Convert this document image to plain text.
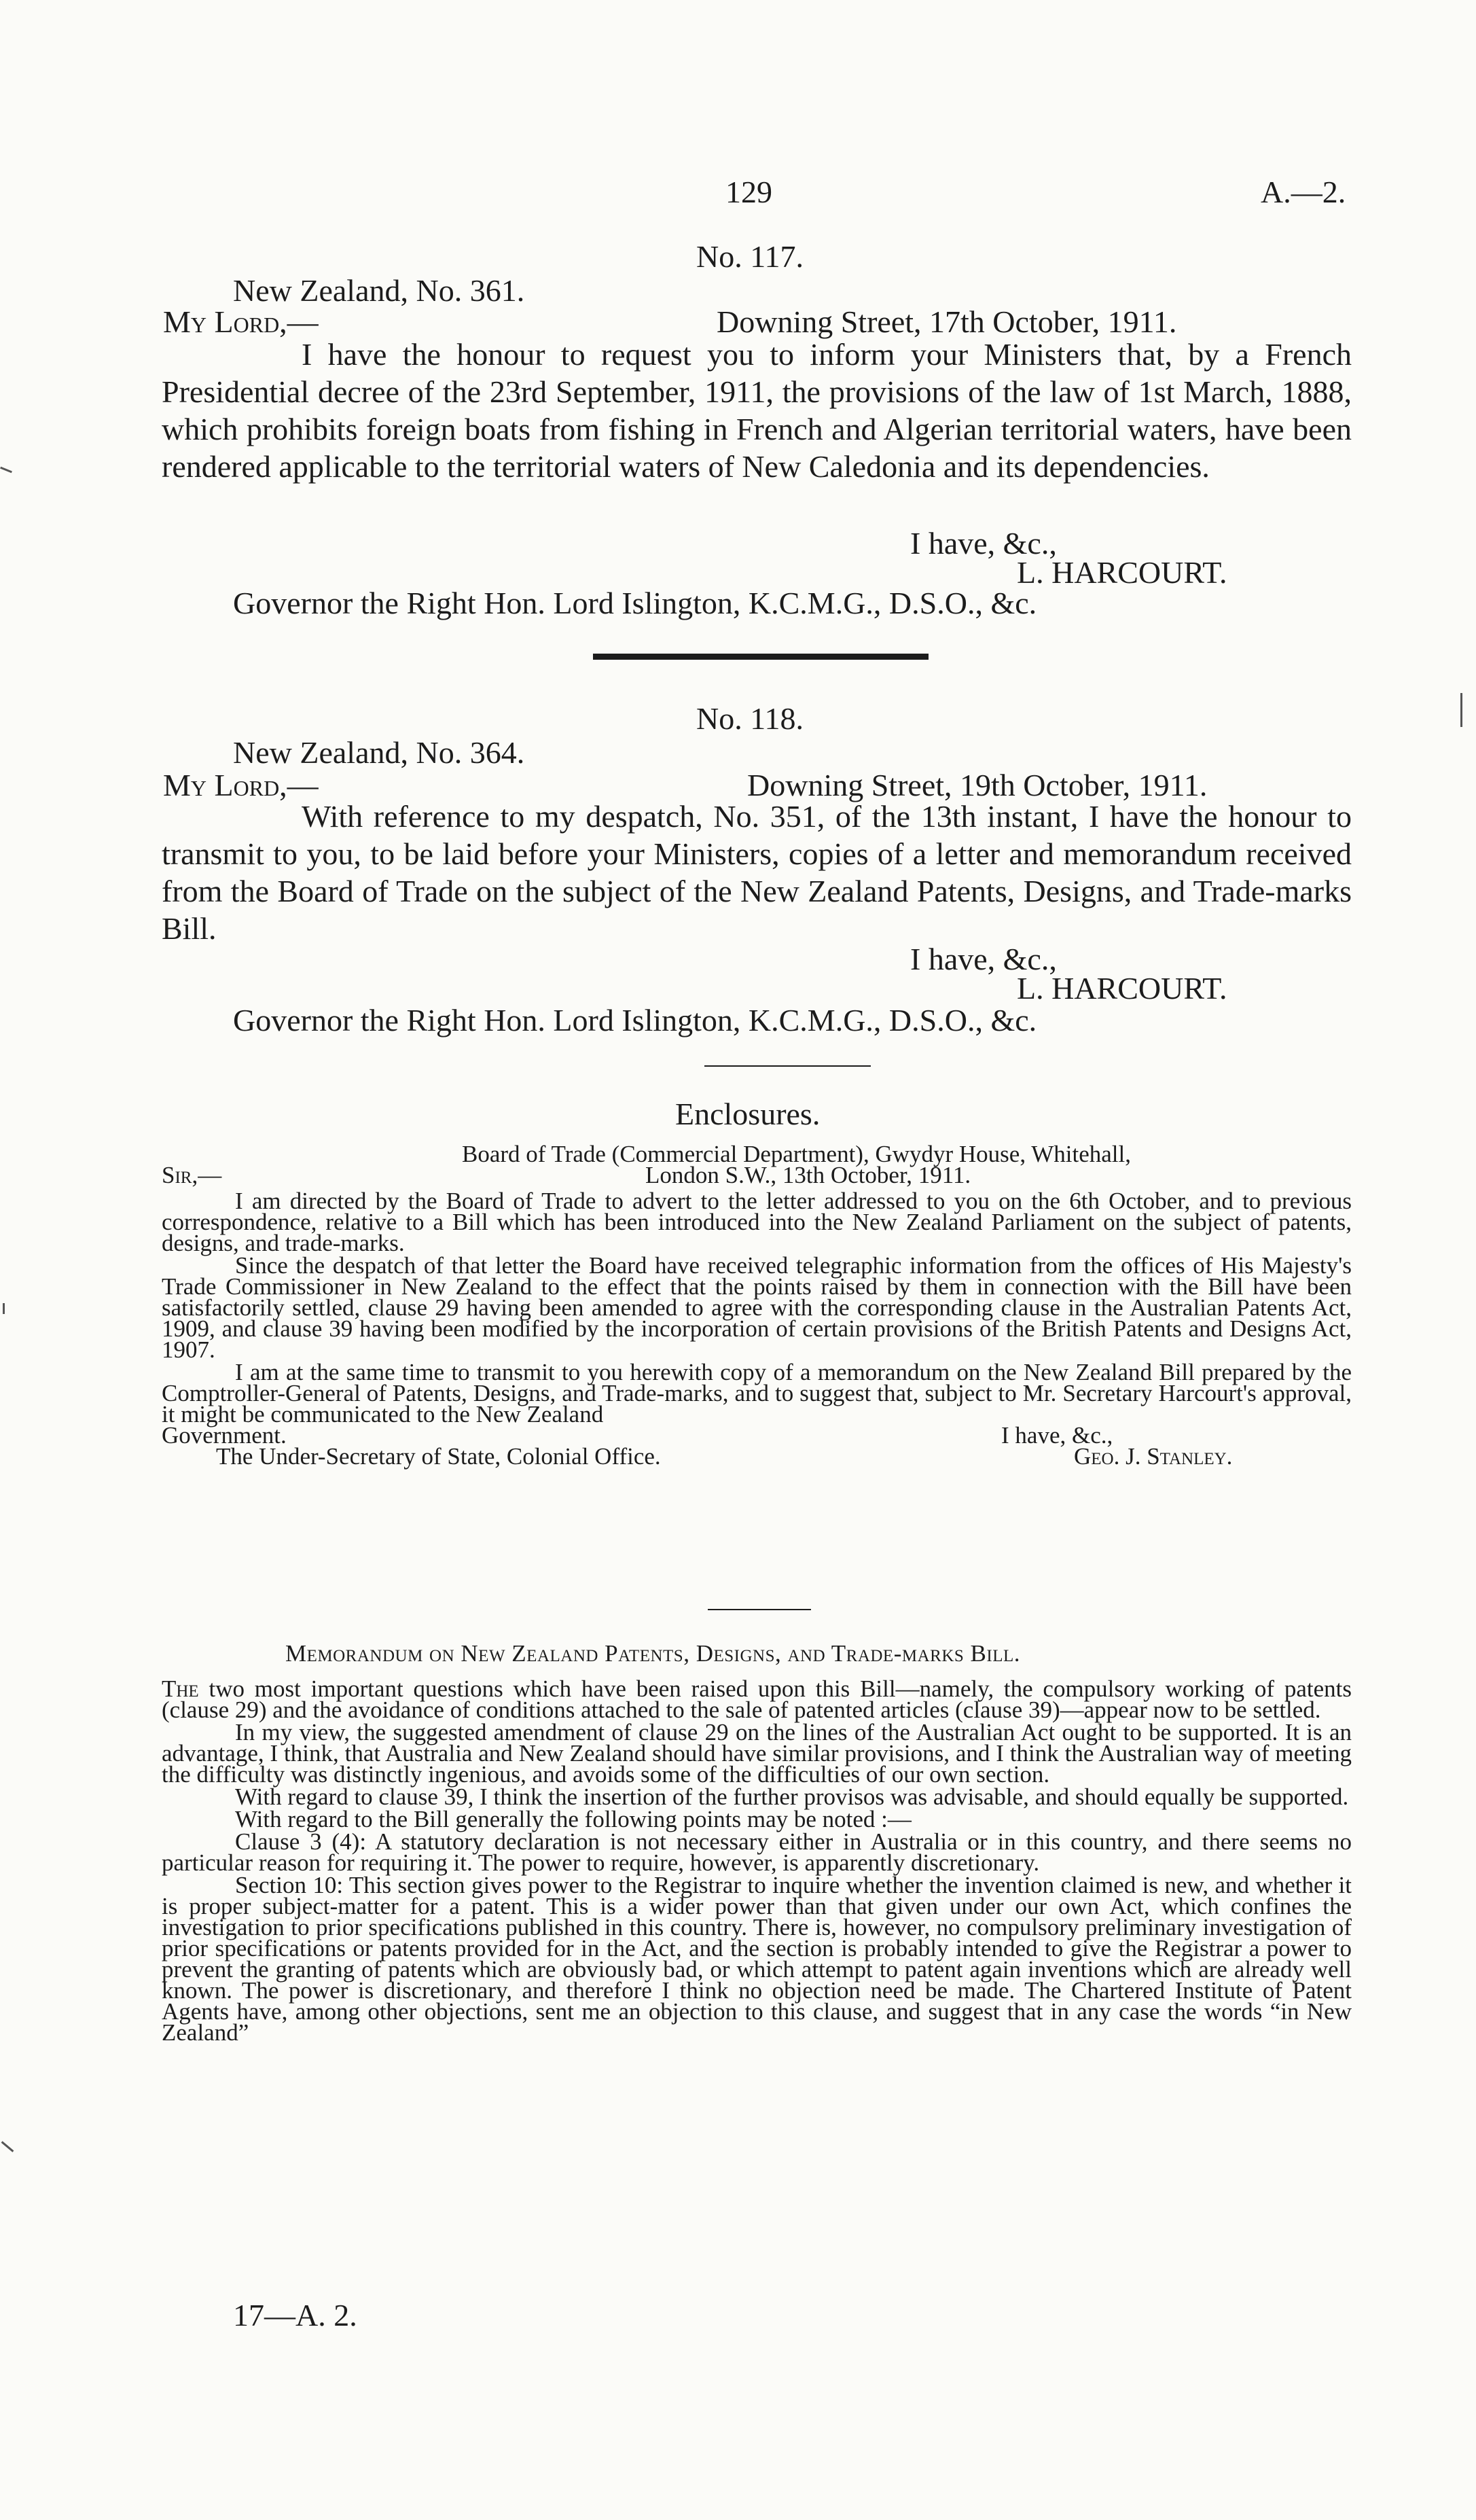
129	A.—2.
No. 117.
New Zealand, No. 361.
My Lord,—	Downing Street, 17th October, 1911.

I have the honour to request you to inform your Ministers that, by a French Presidential decree of the 23rd September, 1911, the provisions of the law of 1st March, 1888, which prohibits foreign boats from fishing in French and Algerian territorial waters, have been rendered applicable to the territorial waters of New Caledonia and its dependencies.

I have, &c.,
L. HARCOURT.
Governor the Right Hon. Lord Islington, K.C.M.G., D.S.O., &c.
No. 118.
New Zealand, No. 364.
My Lord,—	Downing Street, 19th October, 1911.

With reference to my despatch, No. 351, of the 13th instant, I have the honour to transmit to you, to be laid before your Ministers, copies of a letter and memorandum received from the Board of Trade on the subject of the New Zealand Patents, Designs, and Trade-marks Bill.

I have, &c.,
L. HARCOURT.
Governor the Right Hon. Lord Islington, K.C.M.G., D.S.O., &c.
Enclosures.
Board of Trade (Commercial Department), Gwydyr House, Whitehall,
Sir,—	London S.W., 13th October, 1911.
I am directed by the Board of Trade to advert to the letter addressed to you on the 6th October, and to previous correspondence, relative to a Bill which has been introduced into the New Zealand Parliament on the subject of patents, designs, and trade-marks.
Since the despatch of that letter the Board have received telegraphic information from the offices of His Majesty's Trade Commissioner in New Zealand to the effect that the points raised by them in connection with the Bill have been satisfactorily settled, clause 29 having been amended to agree with the corresponding clause in the Australian Patents Act, 1909, and clause 39 having been modified by the incorporation of certain provisions of the British Patents and Designs Act, 1907.
I am at the same time to transmit to you herewith copy of a memorandum on the New Zealand Bill prepared by the Comptroller-General of Patents, Designs, and Trade-marks, and to suggest that, subject to Mr. Secretary Harcourt's approval, it might be communicated to the New Zealand
Government.	I have, &c.,
The Under-Secretary of State, Colonial Office.	Geo. J. Stanley.
Memorandum on New Zealand Patents, Designs, and Trade-marks Bill.
The two most important questions which have been raised upon this Bill—namely, the compulsory working of patents (clause 29) and the avoidance of conditions attached to the sale of patented articles (clause 39)—appear now to be settled.
In my view, the suggested amendment of clause 29 on the lines of the Australian Act ought to be supported. It is an advantage, I think, that Australia and New Zealand should have similar provisions, and I think the Australian way of meeting the difficulty was distinctly ingenious, and avoids some of the difficulties of our own section.
With regard to clause 39, I think the insertion of the further provisos was advisable, and should equally be supported.
With regard to the Bill generally the following points may be noted :—
Clause 3 (4): A statutory declaration is not necessary either in Australia or in this country, and there seems no particular reason for requiring it. The power to require, however, is apparently discretionary.
Section 10: This section gives power to the Registrar to inquire whether the invention claimed is new, and whether it is proper subject-matter for a patent. This is a wider power than that given under our own Act, which confines the investigation to prior specifications published in this country. There is, however, no compulsory preliminary investigation of prior specifications or patents provided for in the Act, and the section is probably intended to give the Registrar a power to prevent the granting of patents which are obviously bad, or which attempt to patent again inventions which are already well known. The power is discretionary, and therefore I think no objection need be made. The Chartered Institute of Patent Agents have, among other objections, sent me an objection to this clause, and suggest that in any case the words “in New Zealand”
17—A. 2.
